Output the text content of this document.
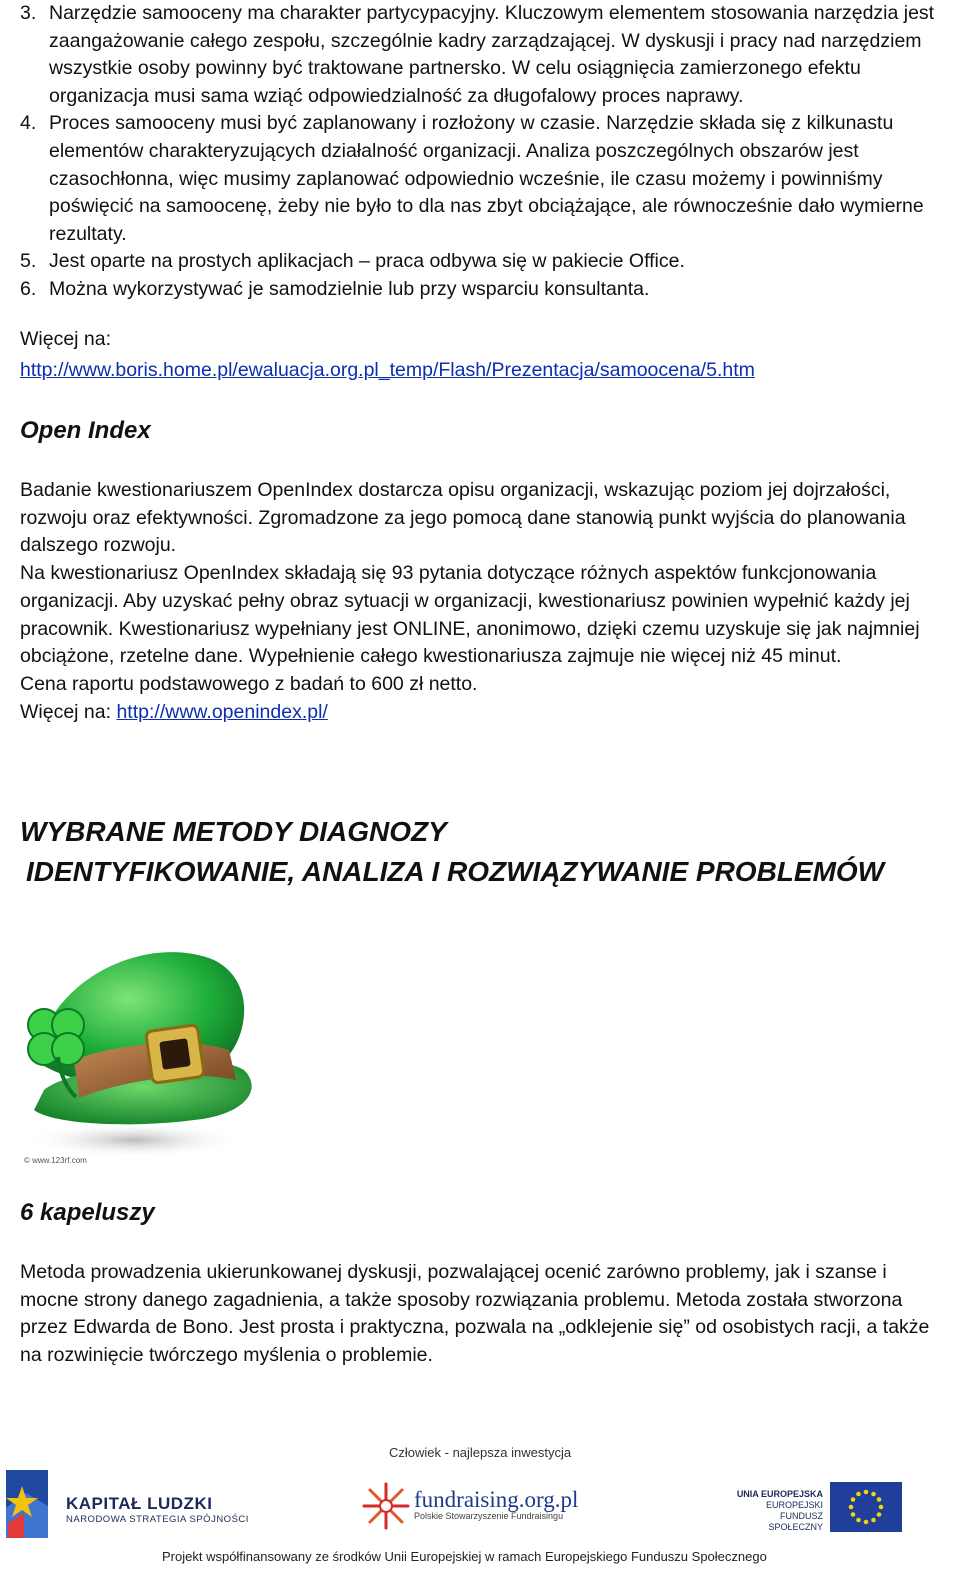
3. Narzędzie samooceny ma charakter partycypacyjny. Kluczowym elementem stosowania narzędzia jest zaangażowanie całego zespołu, szczególnie kadry zarządzającej. W dyskusji i pracy nad narzędziem wszystkie osoby powinny być traktowane partnersko. W celu osiągnięcia zamierzonego efektu organizacja musi sama wziąć odpowiedzialność za długofalowy proces naprawy.
4. Proces samooceny musi być zaplanowany i rozłożony w czasie. Narzędzie składa się z kilkunastu elementów charakteryzujących działalność organizacji. Analiza poszczególnych obszarów jest czasochłonna, więc musimy zaplanować odpowiednio wcześnie, ile czasu możemy i powinniśmy poświęcić na samoocenę, żeby nie było to dla nas zbyt obciążające, ale równocześnie dało wymierne rezultaty.
5. Jest oparte na prostych aplikacjach – praca odbywa się w pakiecie Office.
6. Można wykorzystywać je samodzielnie lub przy wsparciu konsultanta.
Więcej na:
http://www.boris.home.pl/ewaluacja.org.pl_temp/Flash/Prezentacja/samoocena/5.htm
Open Index

Badanie kwestionariuszem OpenIndex dostarcza opisu organizacji, wskazując poziom jej dojrzałości, rozwoju oraz efektywności. Zgromadzone za jego pomocą dane stanowią punkt wyjścia do planowania dalszego rozwoju.

Na kwestionariusz OpenIndex składają się 93 pytania dotyczące różnych aspektów funkcjonowania organizacji. Aby uzyskać pełny obraz sytuacji w organizacji, kwestionariusz powinien wypełnić każdy jej pracownik. Kwestionariusz wypełniany jest ONLINE, anonimowo, dzięki czemu uzyskuje się jak najmniej obciążone, rzetelne dane. Wypełnienie całego kwestionariusza zajmuje nie więcej niż 45 minut.

Cena raportu podstawowego z badań to 600 zł netto.

Więcej na: http://www.openindex.pl/

WYBRANE METODY DIAGNOZY
IDENTYFIKOWANIE, ANALIZA I ROZWIĄZYWANIE PROBLEMÓW
© www.123rf.com
6 kapeluszy

Metoda prowadzenia ukierunkowanej dyskusji, pozwalającej ocenić zarówno problemy, jak i szanse i mocne strony danego zagadnienia, a także sposoby rozwiązania problemu. Metoda została stworzona przez Edwarda de Bono. Jest prosta i praktyczna, pozwala na „odklejenie się” od osobistych racji, a także na rozwinięcie twórczego myślenia o problemie.

Człowiek - najlepsza inwestycja
KAPITAŁ LUDZKI
NARODOWA STRATEGIA SPÓJNOŚCI
fundraising.org.pl
Polskie Stowarzyszenie Fundraisingu
UNIA EUROPEJSKA
EUROPEJSKI
FUNDUSZ SPOŁECZNY
Projekt współfinansowany ze środków Unii Europejskiej w ramach Europejskiego Funduszu Społecznego
